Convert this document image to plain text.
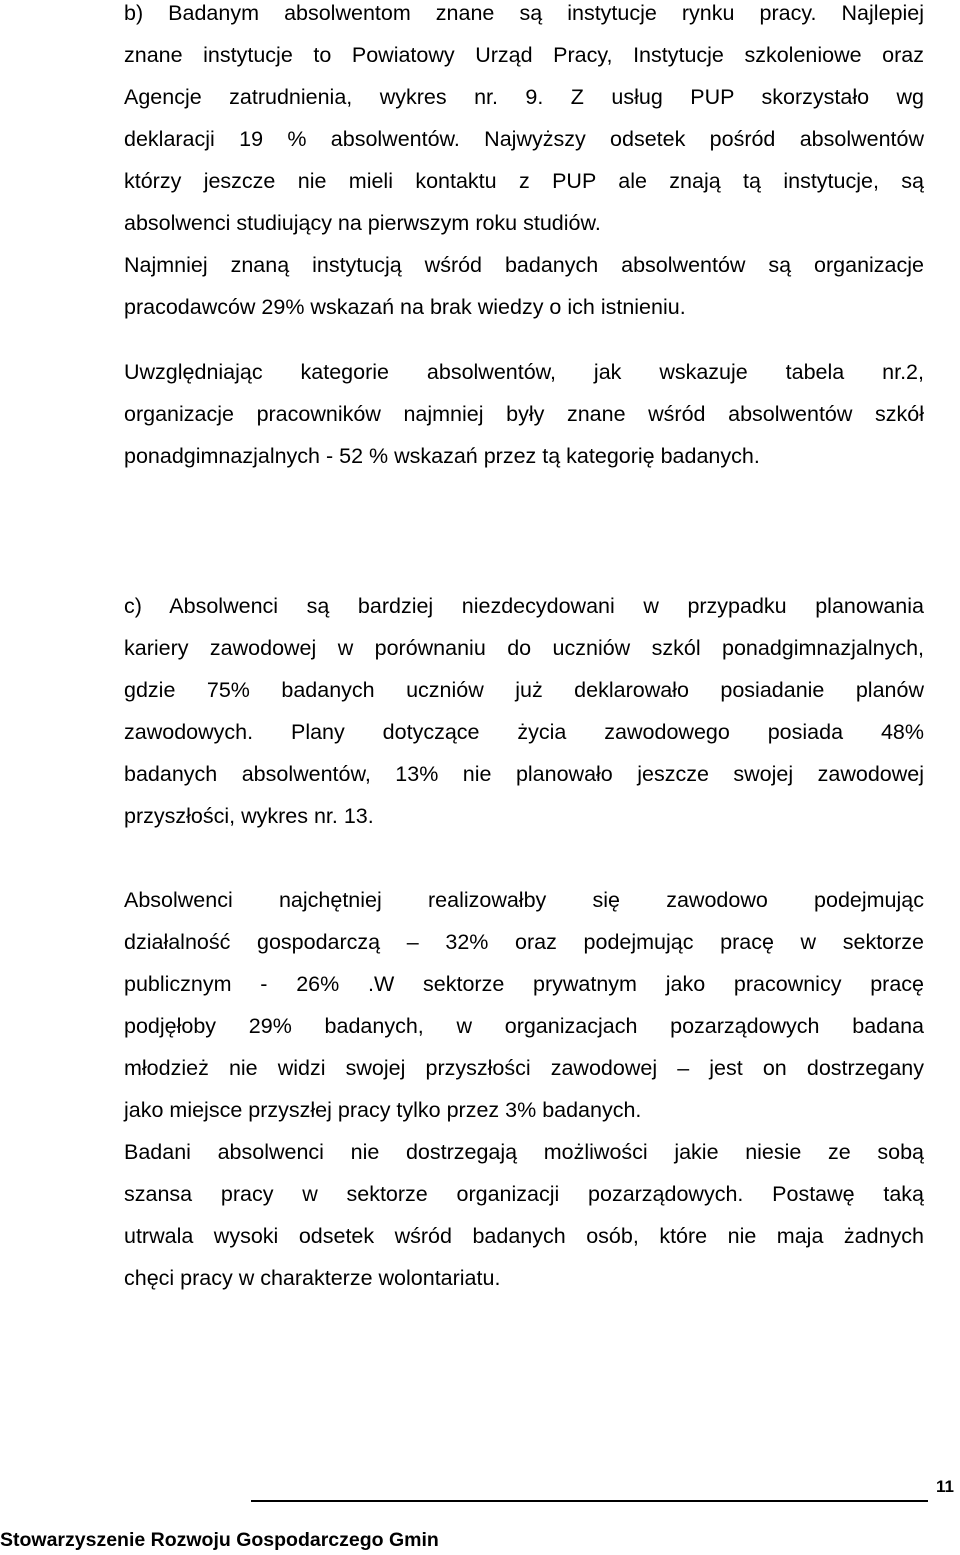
b) Badanym absolwentom znane są instytucje rynku pracy. Najlepiej
znane instytucje to Powiatowy Urząd Pracy, Instytucje szkoleniowe oraz
Agencje zatrudnienia, wykres nr. 9. Z usług PUP skorzystało wg
deklaracji 19 % absolwentów. Najwyższy odsetek pośród absolwentów
którzy jeszcze nie mieli kontaktu z PUP ale znają tą instytucje, są
absolwenci studiujący na pierwszym roku studiów.
Najmniej znaną instytucją wśród badanych absolwentów są organizacje
pracodawców 29% wskazań na brak wiedzy o ich istnieniu.
Uwzględniając kategorie absolwentów, jak wskazuje tabela nr.2,
organizacje pracowników najmniej były znane wśród absolwentów szkół
ponadgimnazjalnych - 52 % wskazań przez tą kategorię badanych.
c) Absolwenci są bardziej niezdecydowani w przypadku planowania
kariery zawodowej w porównaniu do uczniów szkól ponadgimnazjalnych,
gdzie 75% badanych uczniów już deklarowało posiadanie planów
zawodowych. Plany dotyczące życia zawodowego posiada 48%
badanych absolwentów, 13% nie planowało jeszcze swojej zawodowej
przyszłości, wykres nr. 13.
Absolwenci najchętniej realizowałby się zawodowo podejmując
działalność gospodarczą – 32% oraz podejmując pracę w sektorze
publicznym - 26% .W sektorze prywatnym jako pracownicy pracę
podjęłoby 29% badanych, w organizacjach pozarządowych badana
młodzież nie widzi swojej przyszłości zawodowej – jest on dostrzegany
jako miejsce przyszłej pracy tylko przez 3% badanych.
Badani absolwenci nie dostrzegają możliwości jakie niesie ze sobą
szansa pracy w sektorze organizacji pozarządowych. Postawę taką
utrwala wysoki odsetek wśród badanych osób, które nie maja żadnych
chęci pracy w charakterze wolontariatu.
11
Stowarzyszenie Rozwoju Gospodarczego Gmin
